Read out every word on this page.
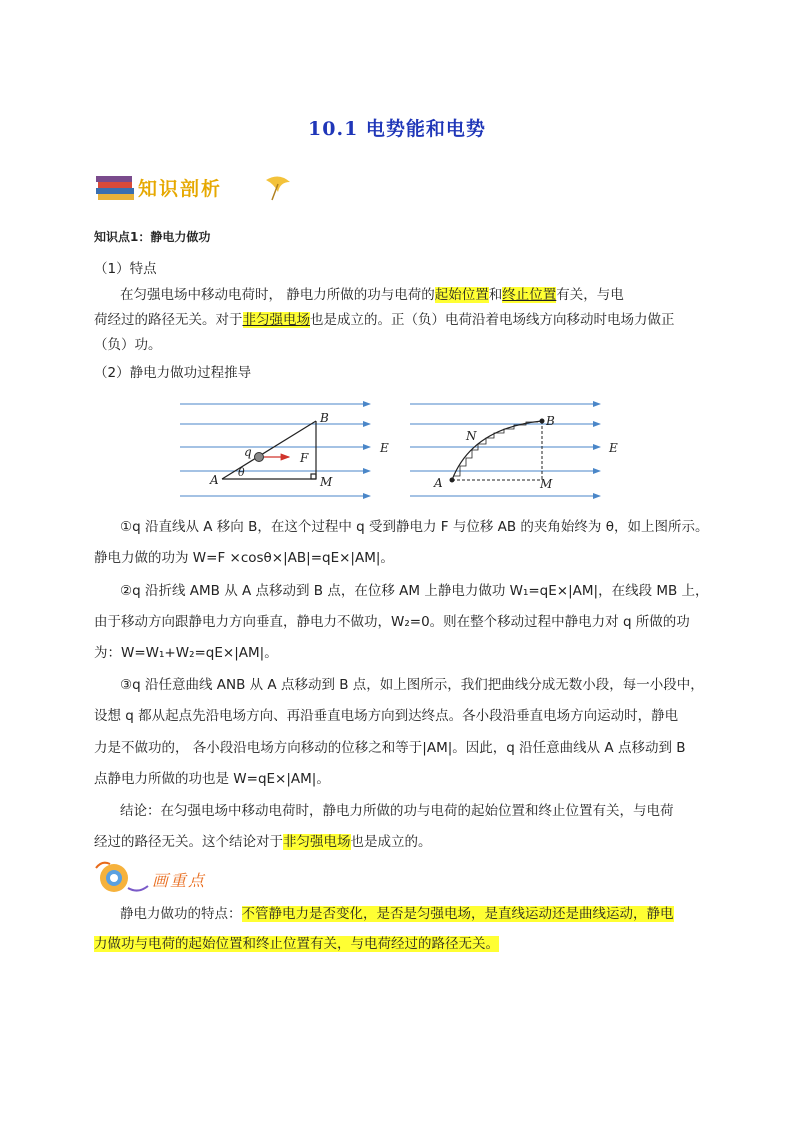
10.1 电势能和电势
知识剖析
知识点1：静电力做功
（1）特点
在匀强电场中移动电荷时， 静电力所做的功与电荷的起始位置和终止位置有关，与电
荷经过的路径无关。对于非匀强电场也是成立的。正（负）电荷沿着电场线方向移动时电场力做正
（负）功。
（2）静电力做功过程推导
B
A	M
q	F
θ
E
B
A	M
N
E
①q 沿直线从 A 移向 B，在这个过程中 q 受到静电力 F 与位移 AB 的夹角始终为 θ，如上图所示。
静电力做的功为 W=F ×cosθ×|AB|=qE×|AM|。
②q 沿折线 AMB 从 A 点移动到 B 点，在位移 AM 上静电力做功 W₁=qE×|AM|，在线段 MB 上，
由于移动方向跟静电力方向垂直，静电力不做功，W₂=0。则在整个移动过程中静电力对 q 所做的功
为：W=W₁+W₂=qE×|AM|。
③q 沿任意曲线 ANB 从 A 点移动到 B 点，如上图所示，我们把曲线分成无数小段，每一小段中，
设想 q 都从起点先沿电场方向、再沿垂直电场方向到达终点。各小段沿垂直电场方向运动时，静电
力是不做功的， 各小段沿电场方向移动的位移之和等于|AM|。因此，q 沿任意曲线从 A 点移动到 B
点静电力所做的功也是 W=qE×|AM|。
结论：在匀强电场中移动电荷时，静电力所做的功与电荷的起始位置和终止位置有关，与电荷
经过的路径无关。这个结论对于非匀强电场也是成立的。
画重点
静电力做功的特点：不管静电力是否变化，是否是匀强电场，是直线运动还是曲线运动，静电
力做功与电荷的起始位置和终止位置有关，与电荷经过的路径无关。
